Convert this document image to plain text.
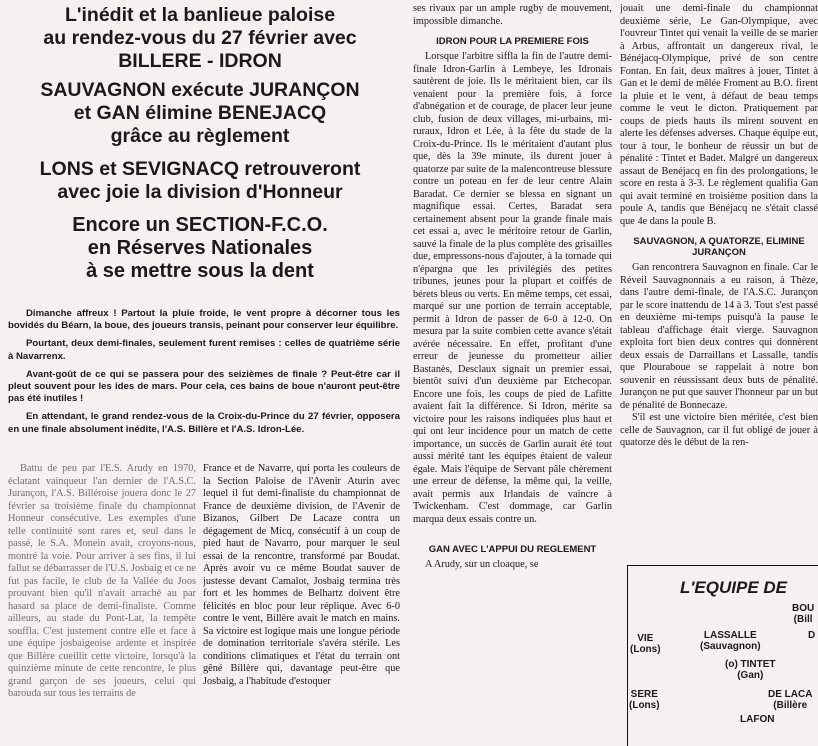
L'inédit et la banlieue paloise
au rendez-vous du 27 février avec
BILLERE - IDRON
SAUVAGNON exécute JURANÇON
et GAN élimine BENEJACQ
grâce au règlement
LONS et SEVIGNACQ retrouveront
avec joie la division d'Honneur
Encore un SECTION-F.C.O.
en Réserves Nationales
à se mettre sous la dent

Dimanche affreux ! Partout la pluie froide, le vent propre à décorner tous les bovidés du Béarn, la boue, des joueurs transis, peinant pour conserver leur équilibre.

Pourtant, deux demi-finales, seulement furent remises : celles de quatrième série à Navarrenx.

Avant-goût de ce qui se passera pour des seizièmes de finale ? Peut-être car il pleut souvent pour les ides de mars. Pour cela, ces bains de boue n'auront peut-être pas été inutiles !

En attendant, le grand rendez-vous de la Croix-du-Prince du 27 février, opposera en une finale absolument inédite, l'A.S. Billère et l'A.S. Idron-Lée.

Battu de peu par l'E.S. Arudy en 1970, éclatant vainqueur l'an dernier de l'A.S.C. Jurançon, l'A.S. Billéroise jouera donc le 27 février sa troisième finale du championnat Honneur consécutive. Les exemples d'une telle continuité sont rares et, seul dans le passé, le S.A. Monein avait, croyons-nous, montré la voie. Pour arriver à ses fins, il lui fallut se débarrasser de l'U.S. Josbaig et ce ne fut pas facile, le club de la Vallée du Joos prouvant bien qu'il n'avait arraché au par hasard sa place de demi-finaliste. Comme ailleurs, au stade du Pont-Lat, la tempête souffla. C'est justement contre elle et face à une équipe josbaigeoise ardente et inspirée que Billère cueillit cette victoire, lorsqu'à la quinzième minute de cette rencontre, le plus grand garçon de ses joueurs, celui qui barouda sur tous les terrains de

France et de Navarre, qui porta les couleurs de la Section Paloise de l'Avenir Aturin avec lequel il fut demi-finaliste du championnat de France de deuxième division, de l'Avenir de Bizanos, Gilbert De Lacaze contra un dégagement de Micq, consécutif à un coup de pied haut de Navarro, pour marquer le seul essai de la rencontre, transformé par Boudat. Après avoir vu ce même Boudat sauver de justesse devant Camalot, Josbaig termina très fort et les hommes de Belhartz doivent être félicités en bloc pour leur réplique. Avec 6-0 contre le vent, Billère avait le match en mains. Sa victoire est logique mais une longue période de domination territoriale s'avéra stérile. Les conditions climatiques et l'état du terrain ont gêné Billère qui, davantage peut-être que Josbaig, a l'habitude d'estoquer

ses rivaux par un ample rugby de mouvement, impossible dimanche.

IDRON POUR LA PREMIERE FOIS

Lorsque l'arbitre siffla la fin de l'autre demi-finale Idron-Garlin à Lembeye, les Idronais sautèrent de joie. Ils le méritaient bien, car ils venaient pour la première fois, à force d'abnégation et de courage, de placer leur jeune club, fusion de deux villages, mi-urbains, mi-ruraux, Idron et Lée, à la fête du stade de la Croix-du-Prince. Ils le méritaient d'autant plus que, dès la 39e minute, ils durent jouer à quatorze par suite de la malencontreuse blessure contre un poteau en fer de leur centre Alain Baradat. Ce dernier se blessa en signant un magnifique essai. Certes, Baradat sera certainement absent pour la grande finale mais cet essai a, avec le méritoire retour de Garlin, sauvé la finale de la plus complète des grisailles due, empressons-nous d'ajouter, à la tornade qui n'épargna que les privilégiés des petites tribunes, jeunes pour la plupart et coiffés de bérets bleus ou verts. En même temps, cet essai, marqué sur une portion de terrain acceptable, permit à Idron de passer de 6-0 à 12-0. On mesura par la suite combien cette avance s'était avérée nécessaire. En effet, profitant d'une erreur de jeunesse du prometteur ailier Bastanès, Desclaux signait un premier essai, bientôt suivi d'un deuxième par Etchecopar. Encore une fois, les coups de pied de Lafitte avaient fait la différence. Si Idron, mérite sa victoire pour les raisons indiquées plus haut et qui ont leur incidence pour un match de cette importance, un succès de Garlin aurait été tout aussi mérité tant les équipes étaient de valeur égale. Mais l'équipe de Servant pâle chèrement une erreur de défense, la même qui, la veille, avait permis aux Irlandais de vaincre à Twickenham. C'est dommage, car Garlin marqua deux essais contre un.

GAN AVEC L'APPUI DU REGLEMENT

A Arudy, sur un cloaque, se

jouait une demi-finale du championnat deuxième série, Le Gan-Olympique, avec l'ouvreur Tintet qui venait la veille de se marier à Arbus, affrontait un dangereux rival, le Bénéjacq-Olympique, privé de son centre Fontan. En fait, deux maîtres à jouer, Tintet à Gan et le demi de mêlée Froment au B.O. firent la pluie et le vent, à défaut de beau temps comme le veut le dicton. Pratiquement par coups de pieds hauts ils mirent souvent en alerte les défenses adverses. Chaque équipe eut, tour à tour, le bonheur de réussir un but de pénalité : Tintet et Badet. Malgré un dangereux assaut de Benéjacq en fin des prolongations, le score en resta à 3-3. Le règlement qualifia Gan qui avait terminé en troisième position dans la poule A, tandis que Bénéjacq ne s'était classé que 4e dans la poule B.

SAUVAGNON, A QUATORZE, ELIMINE JURANÇON

Gan rencontrera Sauvagnon en finale. Car le Réveil Sauvagnonnais a eu raison, à Thèze, dans l'autre demi-finale, de l'A.S.C. Jurançon par le score inattendu de 14 à 3. Tout s'est passé en deuxième mi-temps puisqu'à la pause le tableau d'affichage était vierge. Sauvagnon exploita fort bien deux contres qui donnèrent deux essais de Darraillans et Lassalle, tandis que Plouraboue se rappelait à notre bon souvenir en réussissant deux buts de pénalité. Jurançon ne put que sauver l'honneur par un but de pénalité de Bonnecaze.

S'il est une victoire bien méritée, c'est bien celle de Sauvagnon, car il fut obligé de jouer à quatorze dès le début de la ren-

L'EQUIPE DE
BOU
(Bill
VIE
(Lons)
LASSALLE
(Sauvagnon)
D
(o) TINTET
(Gan)
SERE
(Lons)
DE LACA
(Billère
LAFON
